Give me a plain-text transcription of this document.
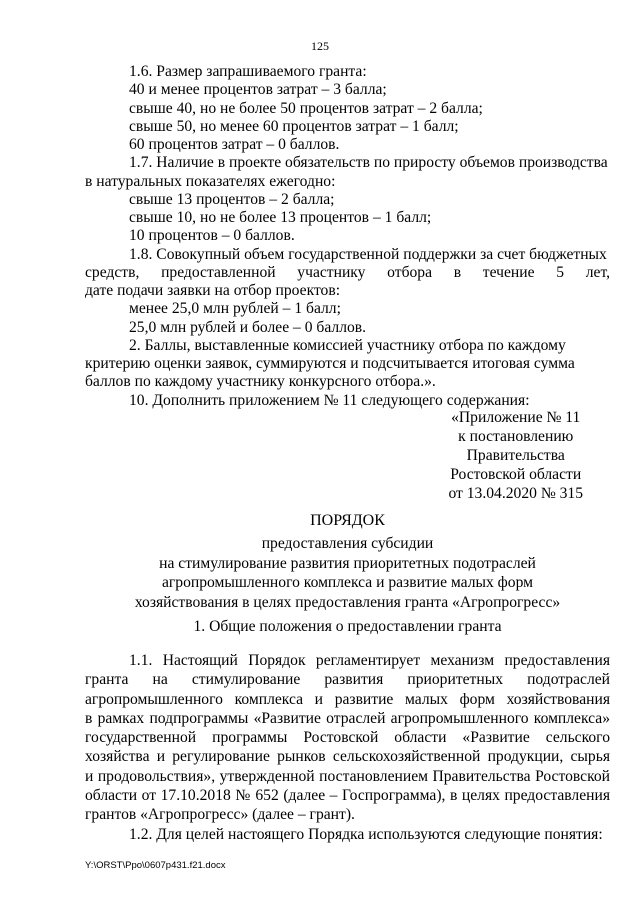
125

1.6. Размер запрашиваемого гранта:

40 и менее процентов затрат – 3 балла;

свыше 40, но не более 50 процентов затрат – 2 балла;

свыше 50, но менее 60 процентов затрат – 1 балл;

60 процентов затрат – 0 баллов.

1.7. Наличие в проекте обязательств по приросту объемов производства

в натуральных показателях ежегодно:

свыше 13 процентов – 2 балла;

свыше 10, но не более 13 процентов – 1 балл;

10 процентов – 0 баллов.

1.8. Совокупный объем государственной поддержки за счет бюджетных

средств, предоставленной участнику отбора в течение 5 лет,

дате подачи заявки на отбор проектов:

менее 25,0 млн рублей – 1 балл;

25,0 млн рублей и более – 0 баллов.

2. Баллы, выставленные комиссией участнику отбора по каждому

критерию оценки заявок, суммируются и подсчитывается итоговая сумма

баллов по каждому участнику конкурсного отбора.».

10. Дополнить приложением № 11 следующего содержания:

«Приложение № 11
к постановлению
Правительства
Ростовской области
от 13.04.2020 № 315
ПОРЯДОК
предоставления субсидии
на стимулирование развития приоритетных подотраслей
агропромышленного комплекса и развитие малых форм
хозяйствования в целях предоставления гранта «Агропрогресс»
1. Общие положения о предоставлении гранта

1.1. Настоящий Порядок регламентирует механизм предоставления

гранта на стимулирование развития приоритетных подотраслей

агропромышленного комплекса и развитие малых форм хозяйствования

в рамках подпрограммы «Развитие отраслей агропромышленного комплекса»

государственной программы Ростовской области «Развитие сельского

хозяйства и регулирование рынков сельскохозяйственной продукции, сырья

и продовольствия», утвержденной постановлением Правительства Ростовской

области от 17.10.2018 № 652 (далее – Госпрограмма), в целях предоставления

грантов «Агропрогресс» (далее – грант).

1.2. Для целей настоящего Порядка используются следующие понятия:

Y:\ORST\Ppo\0607p431.f21.docx
